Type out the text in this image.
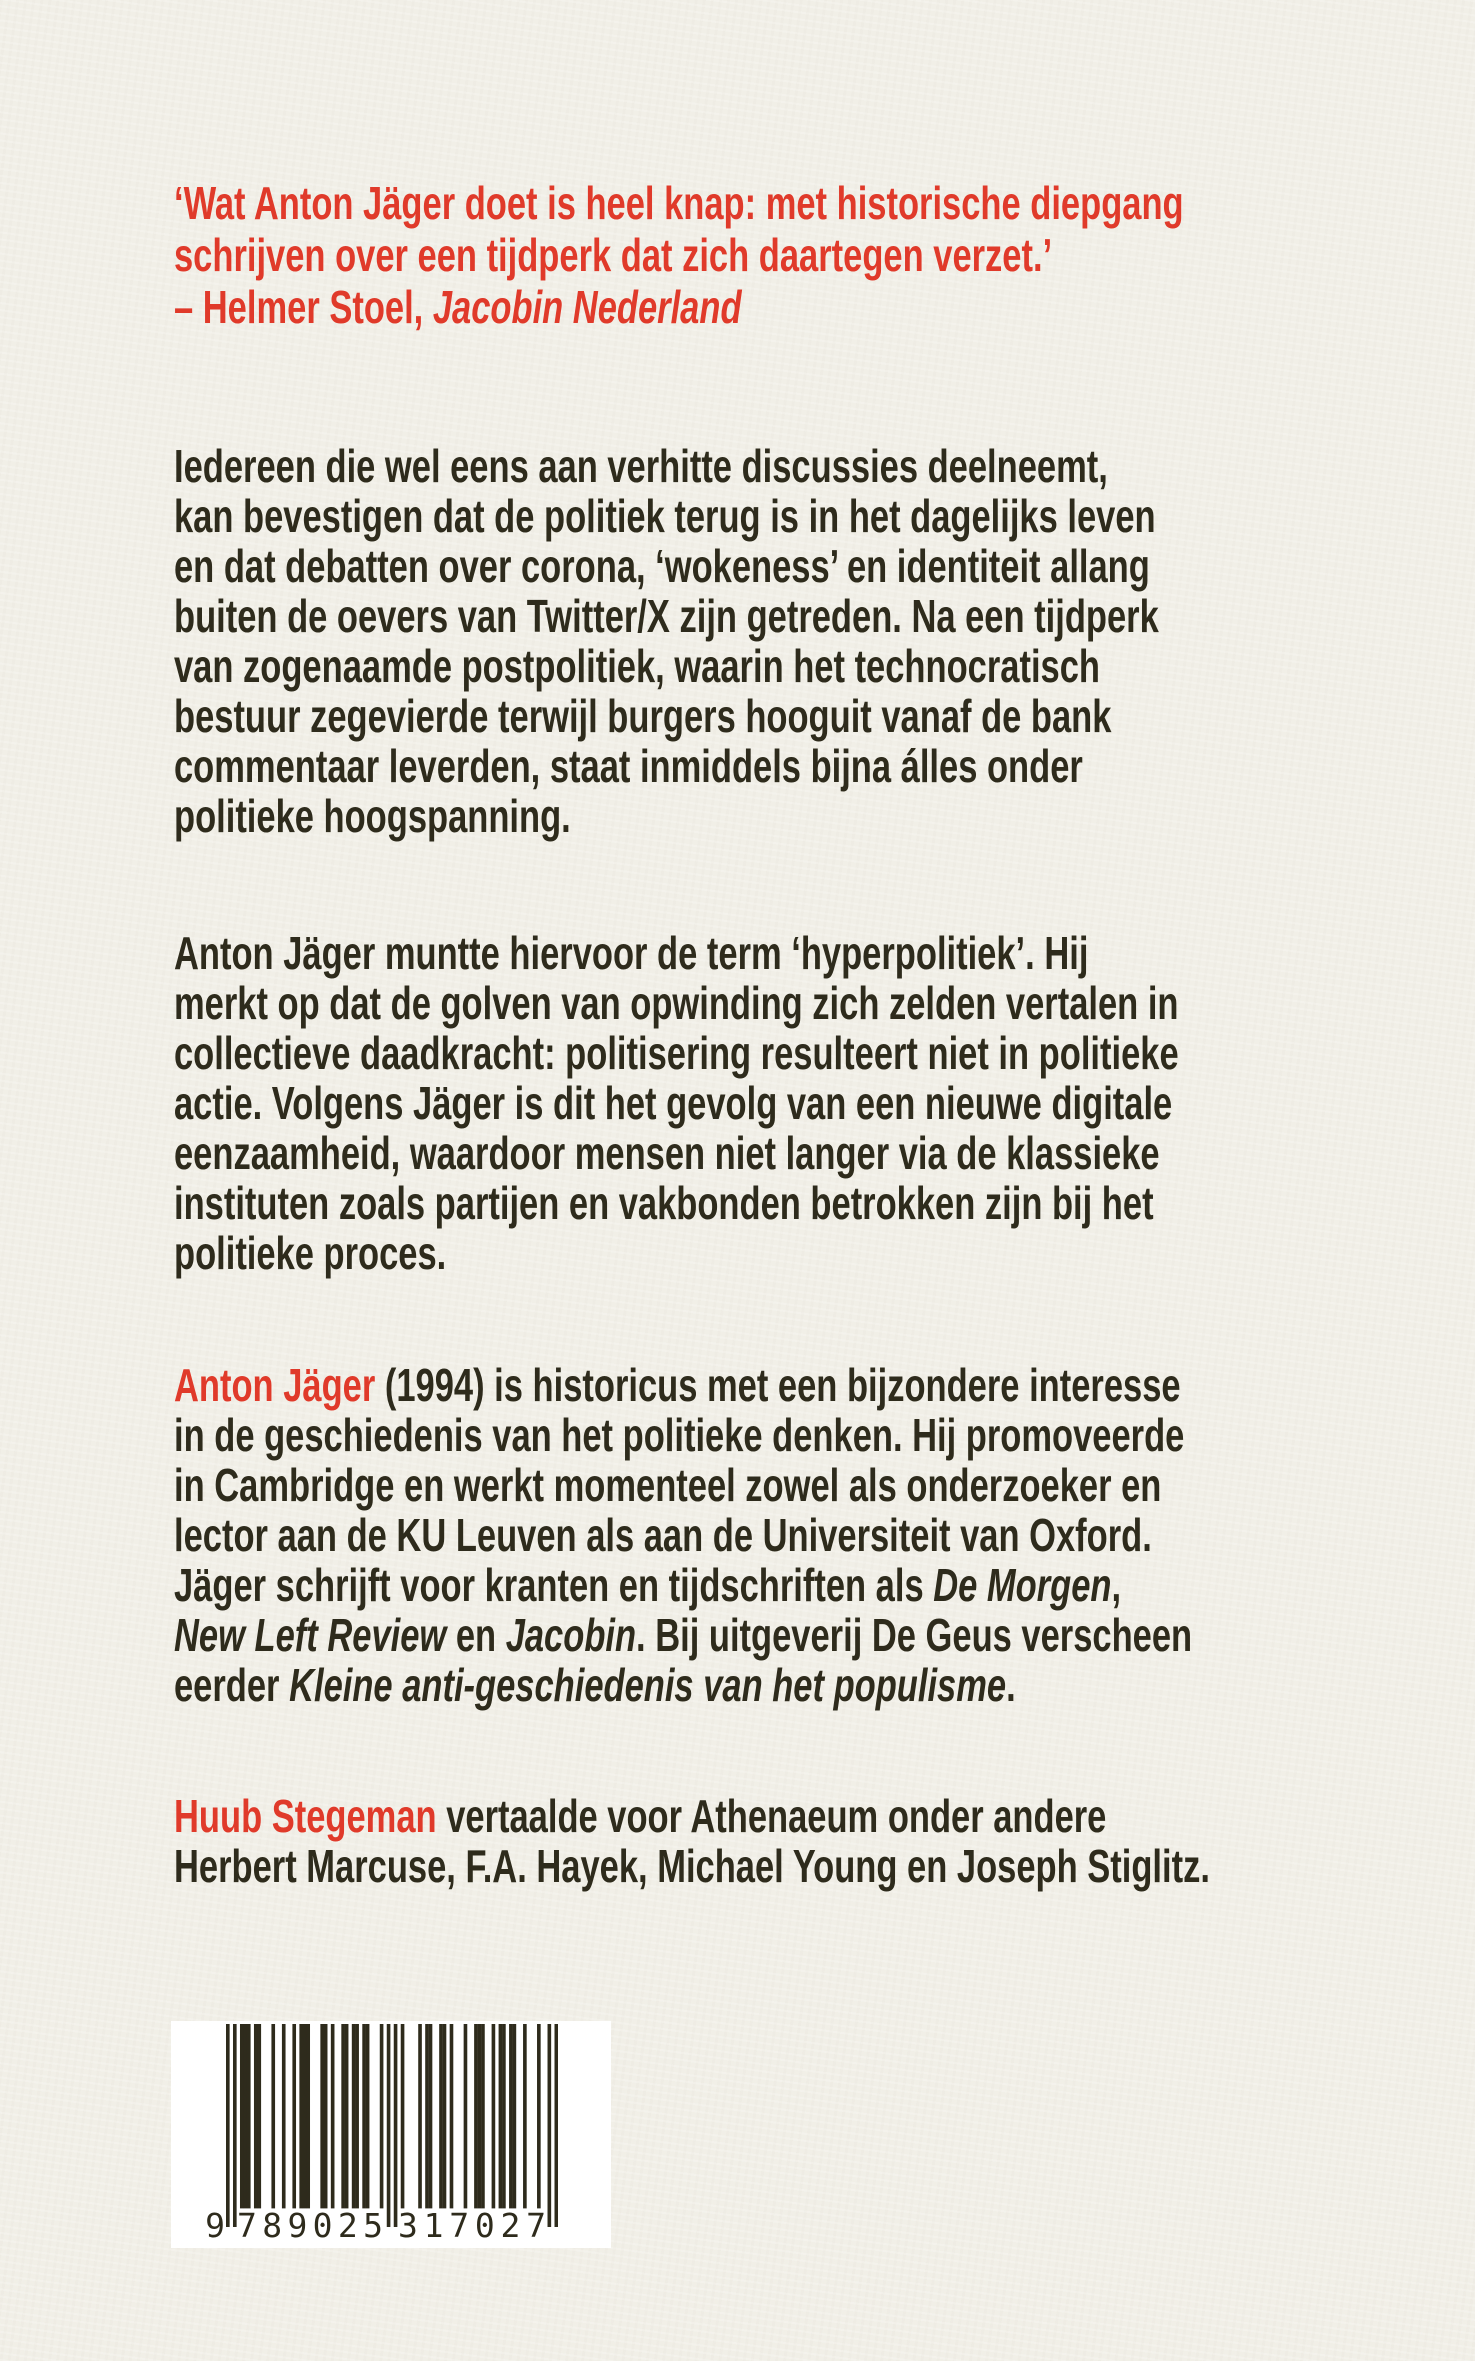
‘Wat Anton Jäger doet is heel knap: met historische diepgang
schrijven over een tijdperk dat zich daartegen verzet.’
– Helmer Stoel, Jacobin Nederland
Iedereen die wel eens aan verhitte discussies deelneemt,
kan bevestigen dat de politiek terug is in het dagelijks leven
en dat debatten over corona, ‘wokeness’ en identiteit allang
buiten de oevers van Twitter/X zijn getreden. Na een tijdperk
van zogenaamde postpolitiek, waarin het technocratisch
bestuur zegevierde terwijl burgers hooguit vanaf de bank
commentaar leverden, staat inmiddels bijna álles onder
politieke hoogspanning.
Anton Jäger muntte hiervoor de term ‘hyperpolitiek’. Hij
merkt op dat de golven van opwinding zich zelden vertalen in
collectieve daadkracht: politisering resulteert niet in politieke
actie. Volgens Jäger is dit het gevolg van een nieuwe digitale
eenzaamheid, waardoor mensen niet langer via de klassieke
instituten zoals partijen en vakbonden betrokken zijn bij het
politieke proces.
Anton Jäger (1994) is historicus met een bijzondere interesse
in de geschiedenis van het politieke denken. Hij promoveerde
in Cambridge en werkt momenteel zowel als onderzoeker en
lector aan de KU Leuven als aan de Universiteit van Oxford.
Jäger schrijft voor kranten en tijdschriften als De Morgen,
New Left Review en Jacobin. Bij uitgeverij De Geus verscheen
eerder Kleine anti-geschiedenis van het populisme.
Huub Stegeman vertaalde voor Athenaeum onder andere
Herbert Marcuse, F.A. Hayek, Michael Young en Joseph Stiglitz.
9 7 8 9 0 2 5 3 1 7 0 2 7
